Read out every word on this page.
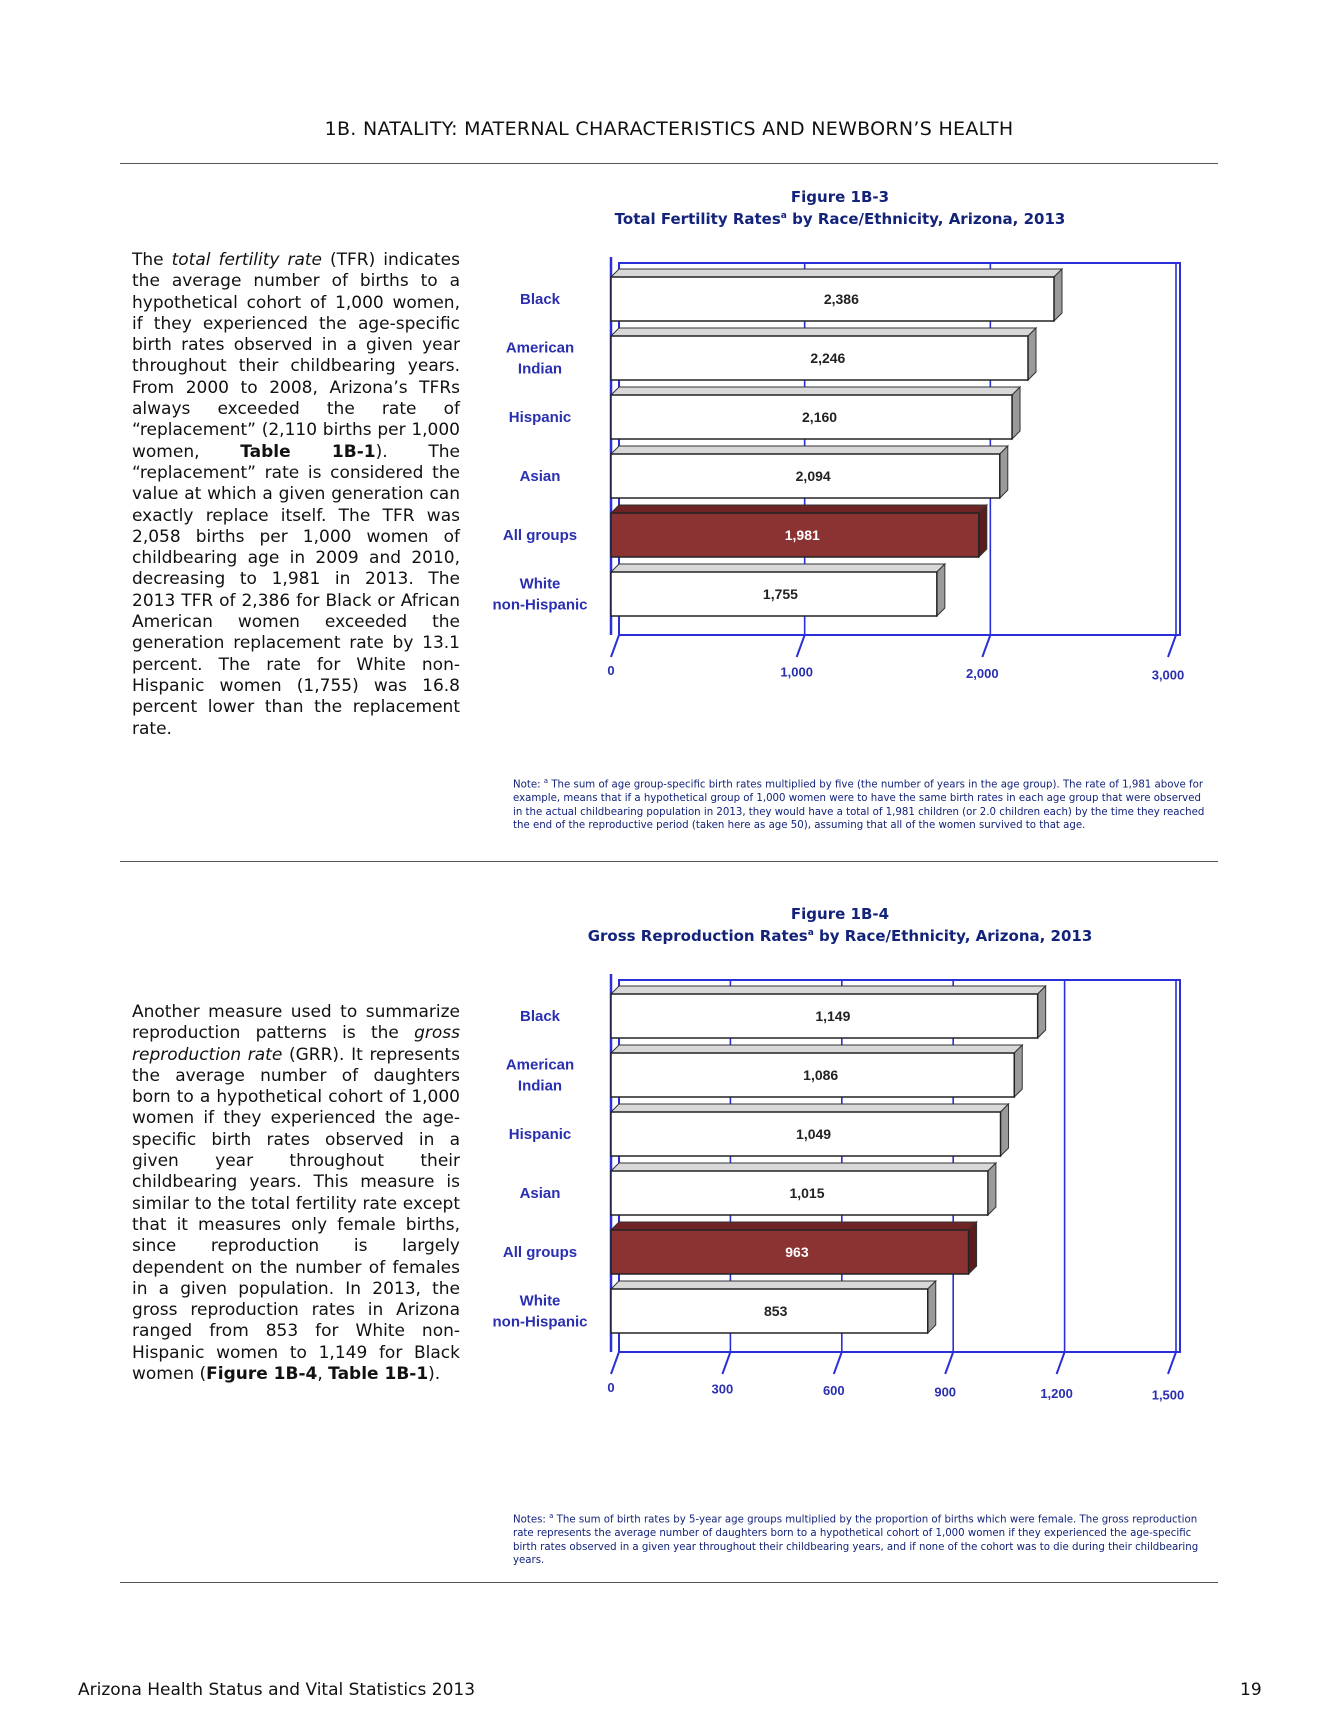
1B. NATALITY: MATERNAL CHARACTERISTICS AND NEWBORN’S HEALTH
The total fertility rate (TFR) indicates the average number of births to a hypothetical cohort of 1,000 women, if they experienced the age-specific birth rates observed in a given year throughout their childbearing years. From 2000 to 2008, Arizona’s TFRs always exceeded the rate of “replacement” (2,110 births per 1,000 women, Table 1B-1). The “replacement” rate is considered the value at which a given generation can exactly replace itself. The TFR was 2,058 births per 1,000 women of childbearing age in 2009 and 2010, decreasing to 1,981 in 2013. The 2013 TFR of 2,386 for Black or African American women exceeded the generation replacement rate by 13.1 percent. The rate for White non-Hispanic women (1,755) was 16.8 percent lower than the replacement rate.
Figure 1B-3
Total Fertility Rates$^a$ by Race/Ethnicity, Arizona, 2013
0	1,000	2,000	3,000
2,386
Black
2,246
American
Indian
2,160
Hispanic
2,094
Asian
1,981
All groups
1,755
White
non-Hispanic
Note: $^a$ The sum of age group-specific birth rates multiplied by five (the number of years in the age group). The rate of 1,981 above for example, means that if a hypothetical group of 1,000 women were to have the same birth rates in each age group that were observed in the actual childbearing population in 2013, they would have a total of 1,981 children (or 2.0 children each) by the time they reached the end of the reproductive period (taken here as age 50), assuming that all of the women survived to that age.
Another measure used to summarize reproduction patterns is the gross reproduction rate (GRR). It represents the average number of daughters born to a hypothetical cohort of 1,000 women if they experienced the age-specific birth rates observed in a given year throughout their childbearing years. This measure is similar to the total fertility rate except that it measures only female births, since reproduction is largely dependent on the number of females in a given population. In 2013, the gross reproduction rates in Arizona ranged from 853 for White non-Hispanic women to 1,149 for Black women (Figure 1B-4, Table 1B-1).
Figure 1B-4
Gross Reproduction Rates$^a$ by Race/Ethnicity, Arizona, 2013
0	300	600	900	1,200	1,500
1,149
Black
1,086
American
Indian
1,049
Hispanic
1,015
Asian
963
All groups
853
White
non-Hispanic
Notes: $^a$ The sum of birth rates by 5-year age groups multiplied by the proportion of births which were female. The gross reproduction rate represents the average number of daughters born to a hypothetical cohort of 1,000 women if they experienced the age-specific birth rates observed in a given year throughout their childbearing years, and if none of the cohort was to die during their childbearing years.
Arizona Health Status and Vital Statistics 2013	19
